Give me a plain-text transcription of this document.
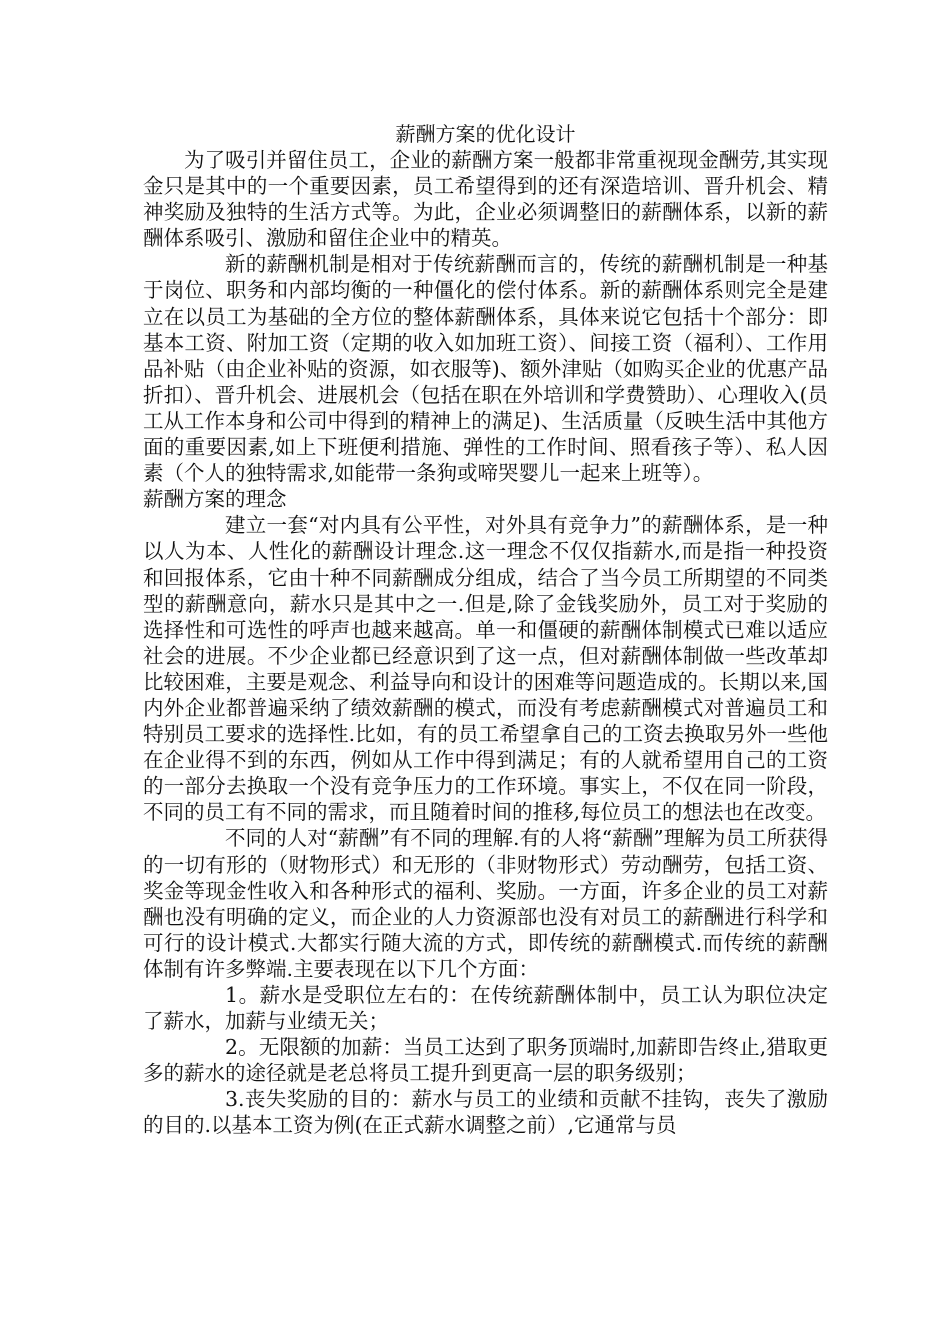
薪酬方案的优化设计

为了吸引并留住员工，企业的薪酬方案一般都非常重视现金酬劳,其实现金只是其中的一个重要因素，员工希望得到的还有深造培训、晋升机会、精神奖励及独特的生活方式等。为此，企业必须调整旧的薪酬体系，以新的薪酬体系吸引、激励和留住企业中的精英。

新的薪酬机制是相对于传统薪酬而言的，传统的薪酬机制是一种基于岗位、职务和内部均衡的一种僵化的偿付体系。新的薪酬体系则完全是建立在以员工为基础的全方位的整体薪酬体系，具体来说它包括十个部分：即基本工资、附加工资（定期的收入如加班工资）、间接工资（福利）、工作用品补贴（由企业补贴的资源，如衣服等)、额外津贴（如购买企业的优惠产品折扣）、晋升机会、进展机会（包括在职在外培训和学费赞助）、心理收入(员工从工作本身和公司中得到的精神上的满足)、生活质量（反映生活中其他方面的重要因素,如上下班便利措施、弹性的工作时间、照看孩子等）、私人因素（个人的独特需求,如能带一条狗或啼哭婴儿一起来上班等）。

薪酬方案的理念

建立一套“对内具有公平性，对外具有竞争力”的薪酬体系，是一种以人为本、人性化的薪酬设计理念.这一理念不仅仅指薪水,而是指一种投资和回报体系，它由十种不同薪酬成分组成，结合了当今员工所期望的不同类型的薪酬意向，薪水只是其中之一.但是,除了金钱奖励外，员工对于奖励的选择性和可选性的呼声也越来越高。单一和僵硬的薪酬体制模式已难以适应社会的进展。不少企业都已经意识到了这一点，但对薪酬体制做一些改革却比较困难，主要是观念、利益导向和设计的困难等问题造成的。长期以来,国内外企业都普遍采纳了绩效薪酬的模式，而没有考虑薪酬模式对普遍员工和特别员工要求的选择性.比如，有的员工希望拿自己的工资去换取另外一些他在企业得不到的东西，例如从工作中得到满足；有的人就希望用自己的工资的一部分去换取一个没有竞争压力的工作环境。事实上，不仅在同一阶段，不同的员工有不同的需求，而且随着时间的推移,每位员工的想法也在改变。

不同的人对“薪酬”有不同的理解.有的人将“薪酬”理解为员工所获得的一切有形的（财物形式）和无形的（非财物形式）劳动酬劳，包括工资、奖金等现金性收入和各种形式的福利、奖励。一方面，许多企业的员工对薪酬也没有明确的定义，而企业的人力资源部也没有对员工的薪酬进行科学和可行的设计模式.大都实行随大流的方式，即传统的薪酬模式.而传统的薪酬体制有许多弊端.主要表现在以下几个方面：

1。薪水是受职位左右的：在传统薪酬体制中，员工认为职位决定了薪水，加薪与业绩无关；

2。无限额的加薪：当员工达到了职务顶端时,加薪即告终止,猎取更多的薪水的途径就是老总将员工提升到更高一层的职务级别；

3.丧失奖励的目的：薪水与员工的业绩和贡献不挂钩，丧失了激励的目的.以基本工资为例(在正式薪水调整之前）,它通常与员
